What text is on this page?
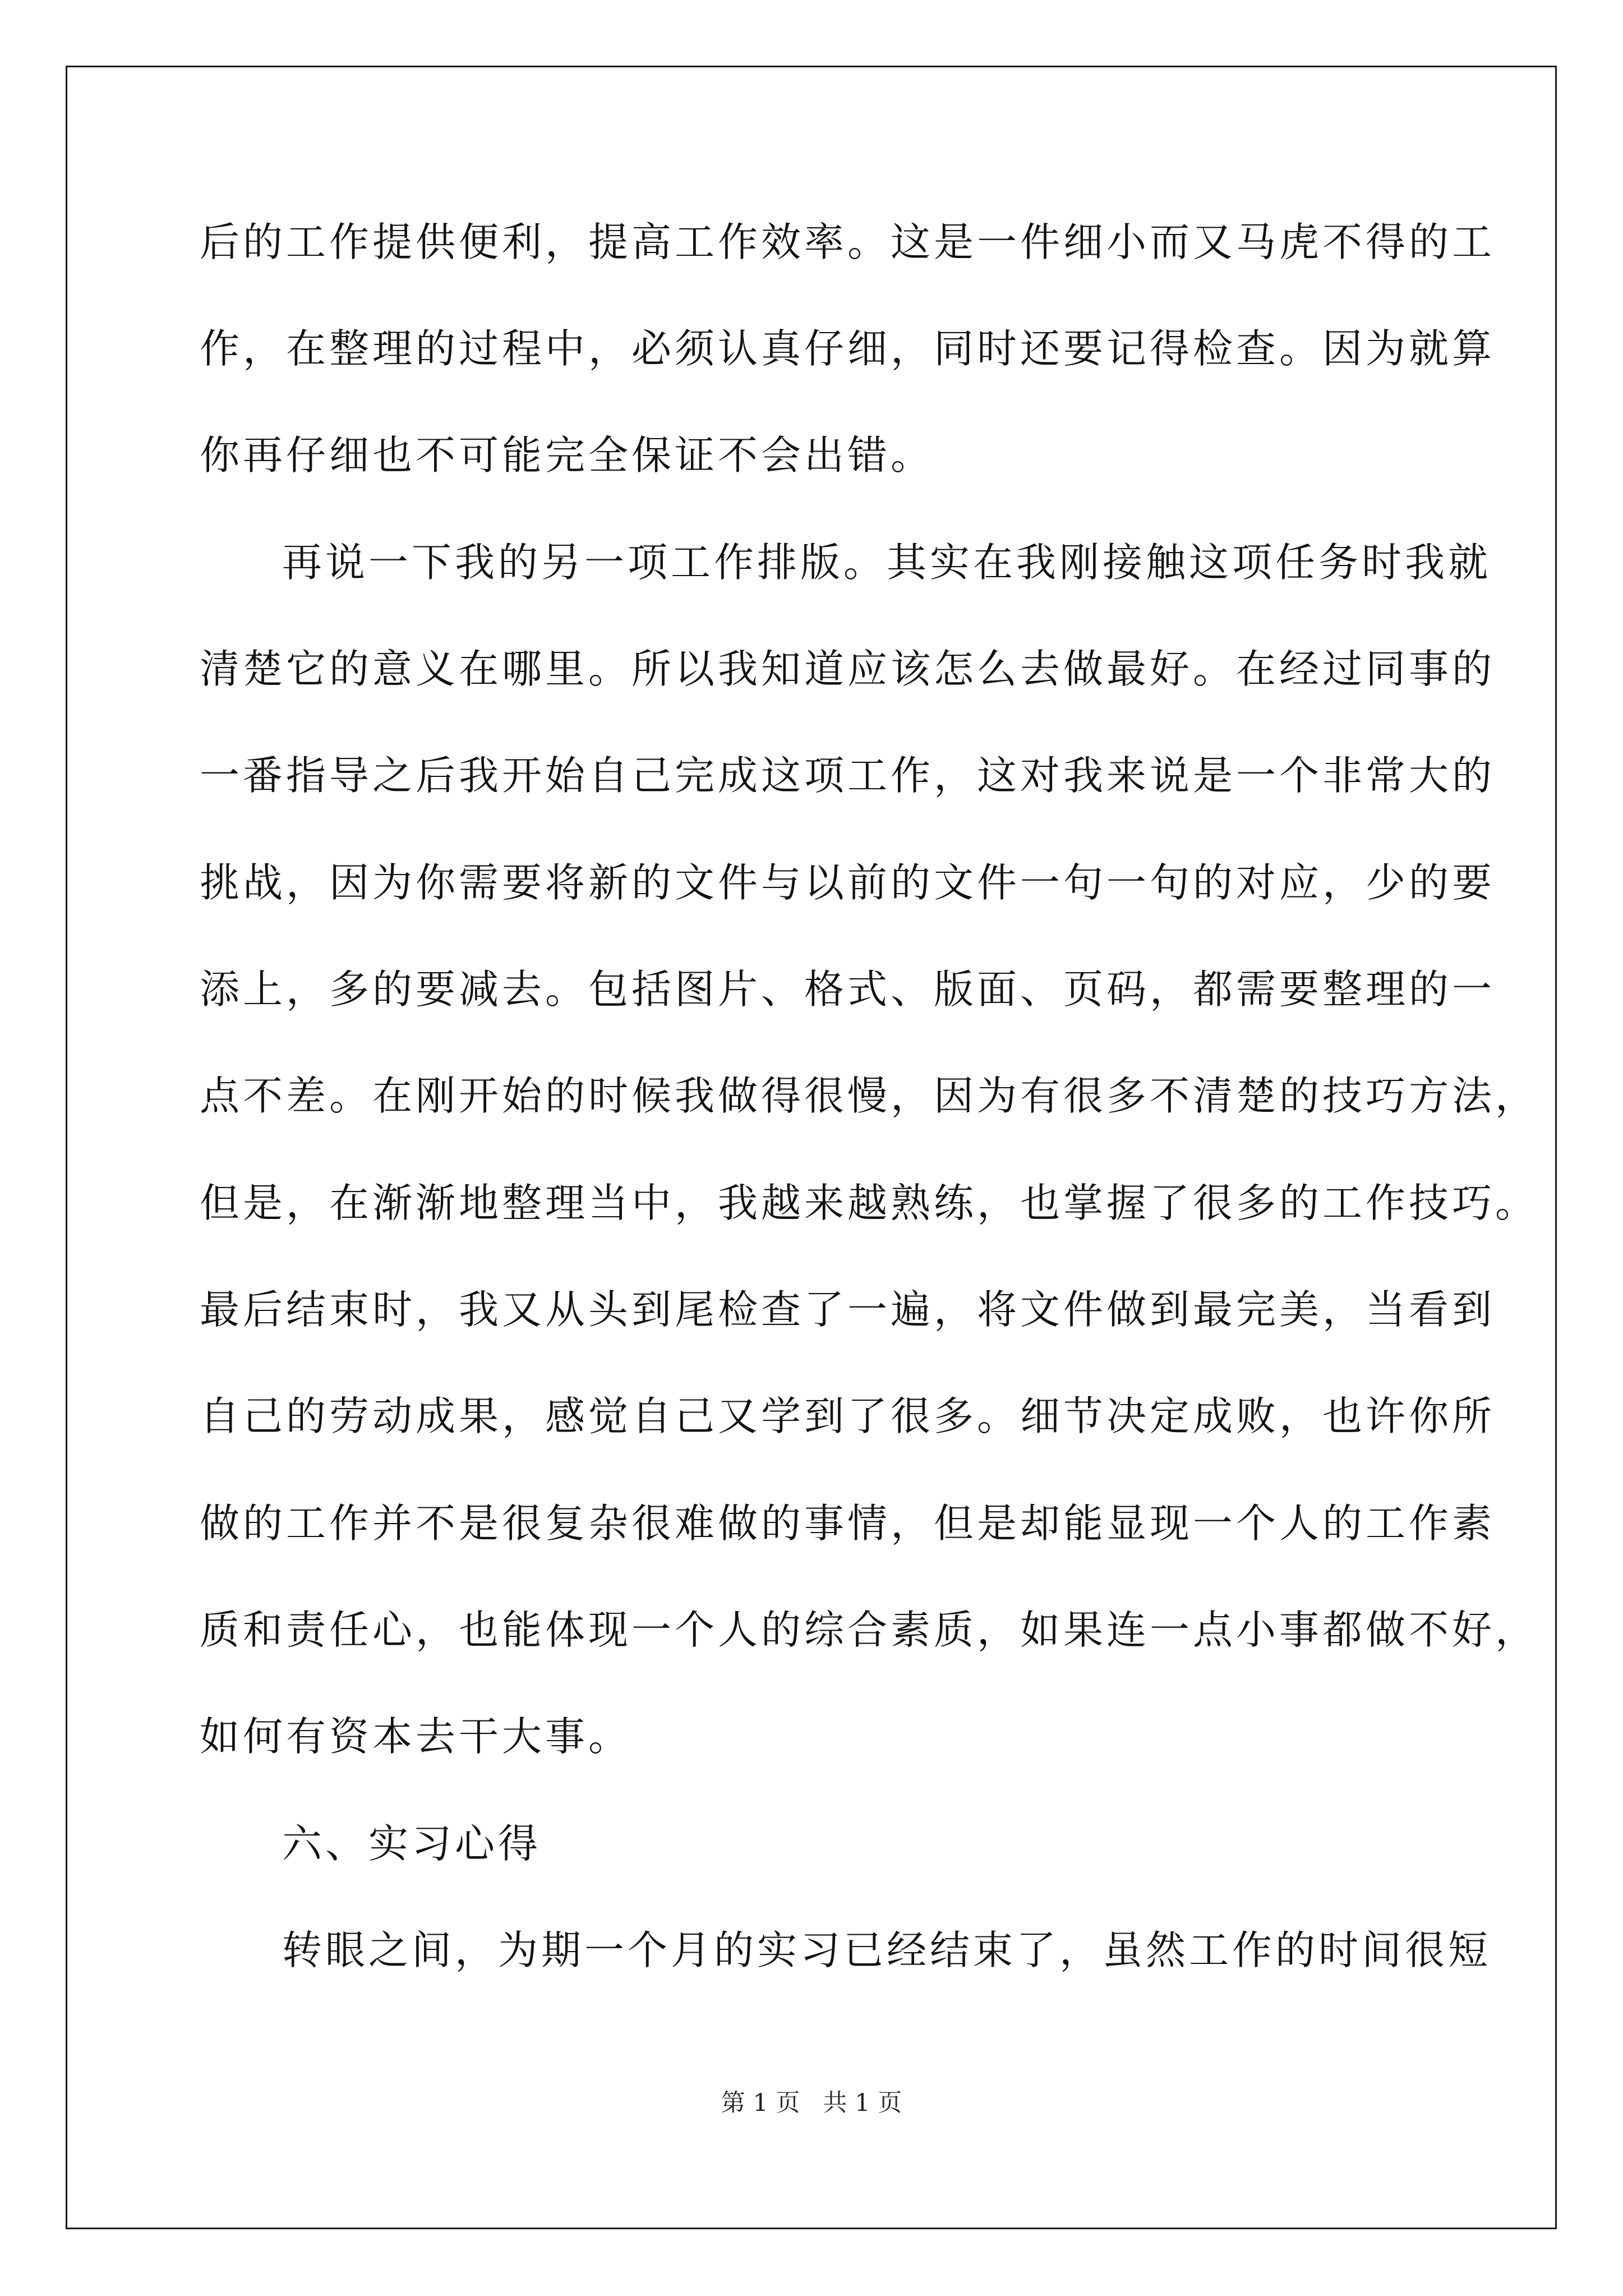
后的工作提供便利，提高工作效率。这是一件细小而又马虎不得的工
作，在整理的过程中，必须认真仔细，同时还要记得检查。因为就算
你再仔细也不可能完全保证不会出错。
再说一下我的另一项工作排版。其实在我刚接触这项任务时我就
清楚它的意义在哪里。所以我知道应该怎么去做最好。在经过同事的
一番指导之后我开始自己完成这项工作，这对我来说是一个非常大的
挑战，因为你需要将新的文件与以前的文件一句一句的对应，少的要
添上，多的要减去。包括图片、格式、版面、页码，都需要整理的一
点不差。在刚开始的时候我做得很慢，因为有很多不清楚的技巧方法，
但是，在渐渐地整理当中，我越来越熟练，也掌握了很多的工作技巧。
最后结束时，我又从头到尾检查了一遍，将文件做到最完美，当看到
自己的劳动成果，感觉自己又学到了很多。细节决定成败，也许你所
做的工作并不是很复杂很难做的事情，但是却能显现一个人的工作素
质和责任心，也能体现一个人的综合素质，如果连一点小事都做不好，
如何有资本去干大事。
六、实习心得
转眼之间，为期一个月的实习已经结束了，虽然工作的时间很短
第 1 页   共 1 页
